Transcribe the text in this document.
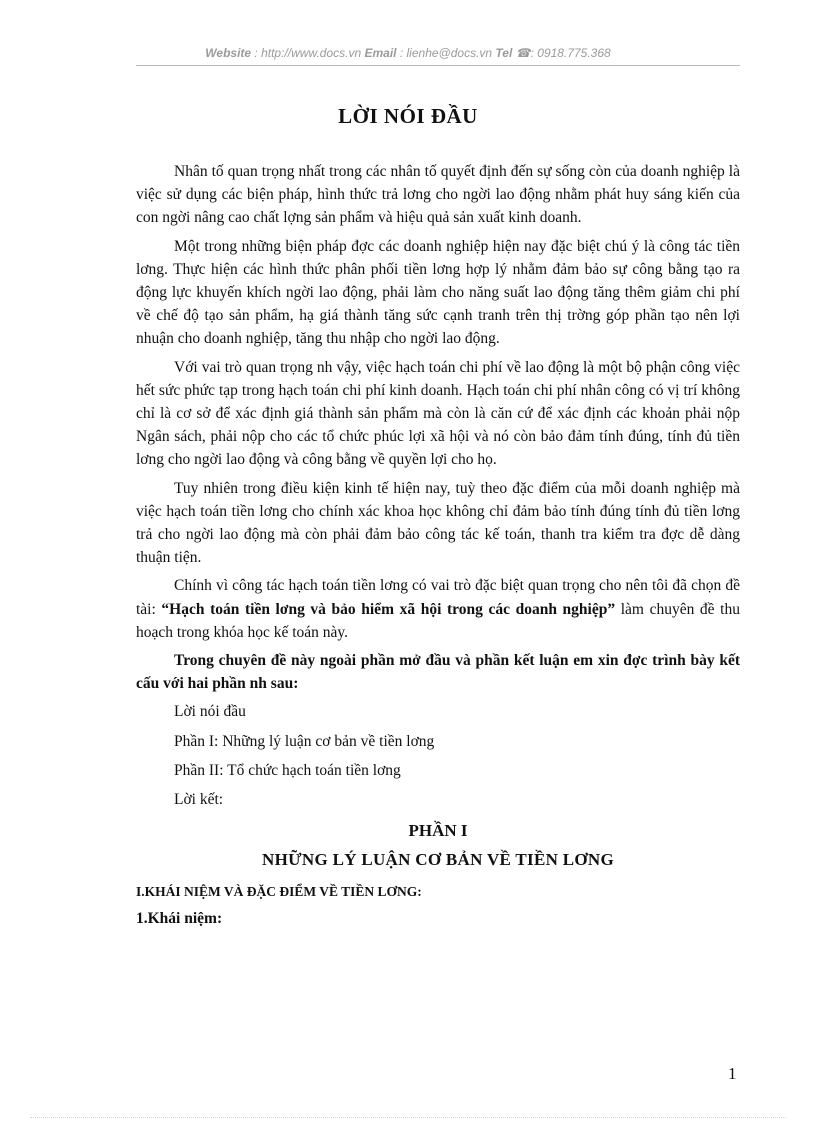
Website : http://www.docs.vn Email : lienhe@docs.vn Tel ☎: 0918.775.368
LỜI NÓI ĐẦU

Nhân tố quan trọng nhất trong các nhân tố quyết định đến sự sống còn của doanh nghiệp là việc sử dụng các biện pháp, hình thức trả lơng cho ngời lao động nhằm phát huy sáng kiến của con ngời nâng cao chất lợng sản phẩm và hiệu quả sản xuất kinh doanh.

Một trong những biện pháp đợc các doanh nghiệp hiện nay đặc biệt chú ý là công tác tiền lơng. Thực hiện các hình thức phân phối tiền lơng hợp lý nhằm đảm bảo sự công bằng tạo ra động lực khuyến khích ngời lao động, phải làm cho năng suất lao động tăng thêm giảm chi phí về chế độ tạo sản phẩm, hạ giá thành tăng sức cạnh tranh trên thị trờng góp phần tạo nên lợi nhuận cho doanh nghiệp, tăng thu nhập cho ngời lao động.

Với vai trò quan trọng nh vậy, việc hạch toán chi phí về lao động là một bộ phận công việc hết sức phức tạp trong hạch toán chi phí kinh doanh. Hạch toán chi phí nhân công có vị trí không chỉ là cơ sở để xác định giá thành sản phẩm mà còn là căn cứ để xác định các khoản phải nộp Ngân sách, phải nộp cho các tổ chức phúc lợi xã hội và nó còn bảo đảm tính đúng, tính đủ tiền lơng cho ngời lao động và công bằng về quyền lợi cho họ.

Tuy nhiên trong điều kiện kinh tế hiện nay, tuỳ theo đặc điểm của mỗi doanh nghiệp mà việc hạch toán tiền lơng cho chính xác khoa học không chỉ đảm bảo tính đúng tính đủ tiền lơng trả cho ngời lao động mà còn phải đảm bảo công tác kế toán, thanh tra kiểm tra đợc dễ dàng thuận tiện.

Chính vì công tác hạch toán tiền lơng có vai trò đặc biệt quan trọng cho nên tôi đã chọn đề tài: “Hạch toán tiền lơng và bảo hiểm xã hội trong các doanh nghiệp” làm chuyên đề thu hoạch trong khóa học kế toán này.

Trong chuyên đề này ngoài phần mở đầu và phần kết luận em xin đợc trình bày kết cấu với hai phần nh sau:

Lời nói đầu
Phần I: Những lý luận cơ bản về tiền lơng
Phần II: Tổ chức hạch toán tiền lơng
Lời kết:
PHẦN I
NHỮNG LÝ LUẬN CƠ BẢN VỀ TIỀN LƠNG
I.KHÁI NIỆM VÀ ĐẶC ĐIỂM VỀ TIỀN LƠNG:
1.Khái niệm:
1
